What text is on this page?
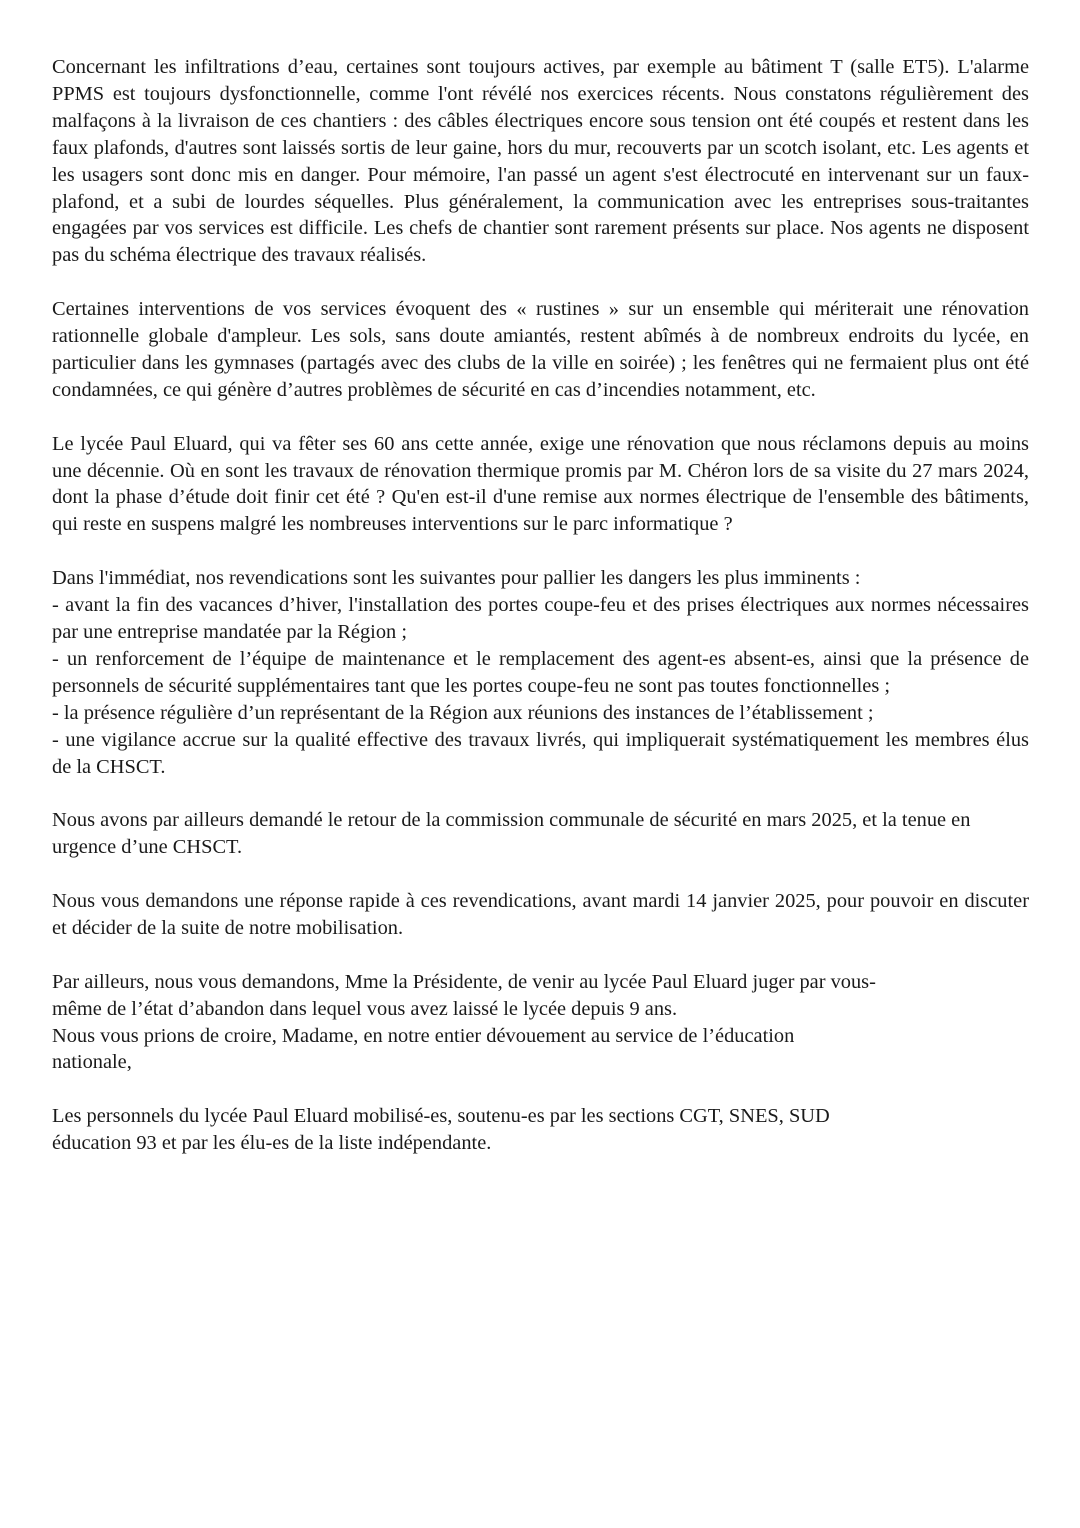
Concernant les infiltrations d’eau, certaines sont toujours actives, par exemple au bâtiment T (salle ET5). L'alarme PPMS est toujours dysfonctionnelle, comme l'ont révélé nos exercices récents. Nous constatons régulièrement des malfaçons à la livraison de ces chantiers : des câbles électriques encore sous tension ont été coupés et restent dans les faux plafonds, d'autres sont laissés sortis de leur gaine, hors du mur, recouverts par un scotch isolant, etc. Les agents et les usagers sont donc mis en danger. Pour mémoire, l'an passé un agent s'est électrocuté en intervenant sur un faux-plafond, et a subi de lourdes séquelles. Plus généralement, la communication avec les entreprises sous-traitantes engagées par vos services est difficile. Les chefs de chantier sont rarement présents sur place. Nos agents ne disposent pas du schéma électrique des travaux réalisés.

Certaines interventions de vos services évoquent des « rustines » sur un ensemble qui mériterait une rénovation rationnelle globale d'ampleur. Les sols, sans doute amiantés, restent abîmés à de nombreux endroits du lycée, en particulier dans les gymnases (partagés avec des clubs de la ville en soirée) ; les fenêtres qui ne fermaient plus ont été condamnées, ce qui génère d’autres problèmes de sécurité en cas d’incendies notamment, etc.

Le lycée Paul Eluard, qui va fêter ses 60 ans cette année, exige une rénovation que nous réclamons depuis au moins une décennie. Où en sont les travaux de rénovation thermique promis par M. Chéron lors de sa visite du 27 mars 2024, dont la phase d’étude doit finir cet été ? Qu'en est-il d'une remise aux normes électrique de l'ensemble des bâtiments, qui reste en suspens malgré les nombreuses interventions sur le parc informatique ?

Dans l'immédiat, nos revendications sont les suivantes pour pallier les dangers les plus imminents :
- avant la fin des vacances d’hiver, l'installation des portes coupe-feu et des prises électriques aux normes nécessaires par une entreprise mandatée par la Région ;
- un renforcement de l’équipe de maintenance et le remplacement des agent-es absent-es, ainsi que la présence de personnels de sécurité supplémentaires tant que les portes coupe-feu ne sont pas toutes fonctionnelles ;
- la présence régulière d’un représentant de la Région aux réunions des instances de l’établissement ;
- une vigilance accrue sur la qualité effective des travaux livrés, qui impliquerait systématiquement les membres élus de la CHSCT.

Nous avons par ailleurs demandé le retour de la commission communale de sécurité en mars 2025, et la tenue en urgence d’une CHSCT.

Nous vous demandons une réponse rapide à ces revendications, avant mardi 14 janvier 2025, pour pouvoir en discuter et décider de la suite de notre mobilisation.

Par ailleurs, nous vous demandons, Mme la Présidente, de venir au lycée Paul Eluard juger par vous-
même de l’état d’abandon dans lequel vous avez laissé le lycée depuis 9 ans.
Nous vous prions de croire, Madame, en notre entier dévouement au service de l’éducation
nationale,
Les personnels du lycée Paul Eluard mobilisé-es, soutenu-es par les sections CGT, SNES, SUD
éducation 93 et par les élu-es de la liste indépendante.
